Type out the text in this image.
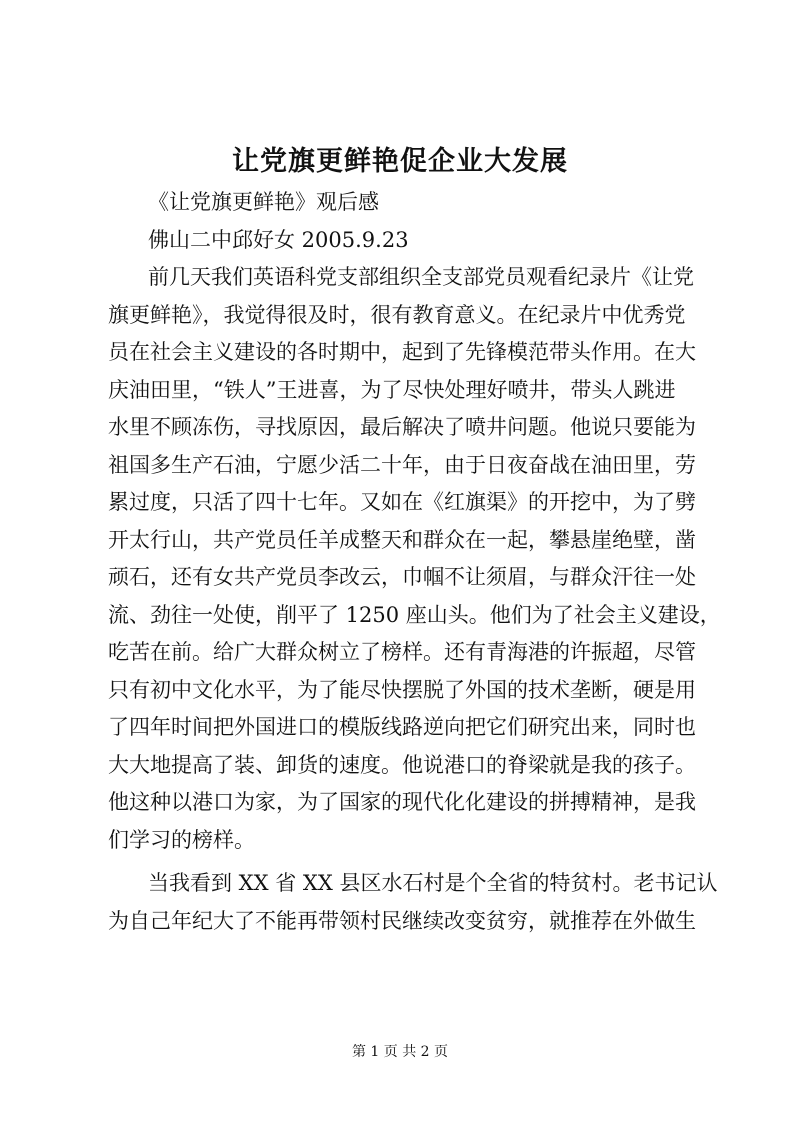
让党旗更鲜艳促企业大发展
《让党旗更鲜艳》观后感
佛山二中邱好女 2005.9.23
前几天我们英语科党支部组织全支部党员观看纪录片《让党
旗更鲜艳》，我觉得很及时，很有教育意义。在纪录片中优秀党
员在社会主义建设的各时期中，起到了先锋模范带头作用。在大
庆油田里，“铁人”王进喜，为了尽快处理好喷井，带头人跳进
水里不顾冻伤，寻找原因，最后解决了喷井问题。他说只要能为
祖国多生产石油，宁愿少活二十年，由于日夜奋战在油田里，劳
累过度，只活了四十七年。又如在《红旗渠》的开挖中，为了劈
开太行山，共产党员任羊成整天和群众在一起，攀悬崖绝壁，凿
顽石，还有女共产党员李改云，巾帼不让须眉，与群众汗往一处
流、劲往一处使，削平了 1250 座山头。他们为了社会主义建设，
吃苦在前。给广大群众树立了榜样。还有青海港的许振超，尽管
只有初中文化水平，为了能尽快摆脱了外国的技术垄断，硬是用
了四年时间把外国进口的模版线路逆向把它们研究出来，同时也
大大地提高了装、卸货的速度。他说港口的脊梁就是我的孩子。
他这种以港口为家，为了国家的现代化化建设的拼搏精神，是我
们学习的榜样。
当我看到 XX 省 XX 县区水石村是个全省的特贫村。老书记认
为自己年纪大了不能再带领村民继续改变贫穷，就推荐在外做生
第 1 页 共 2 页
